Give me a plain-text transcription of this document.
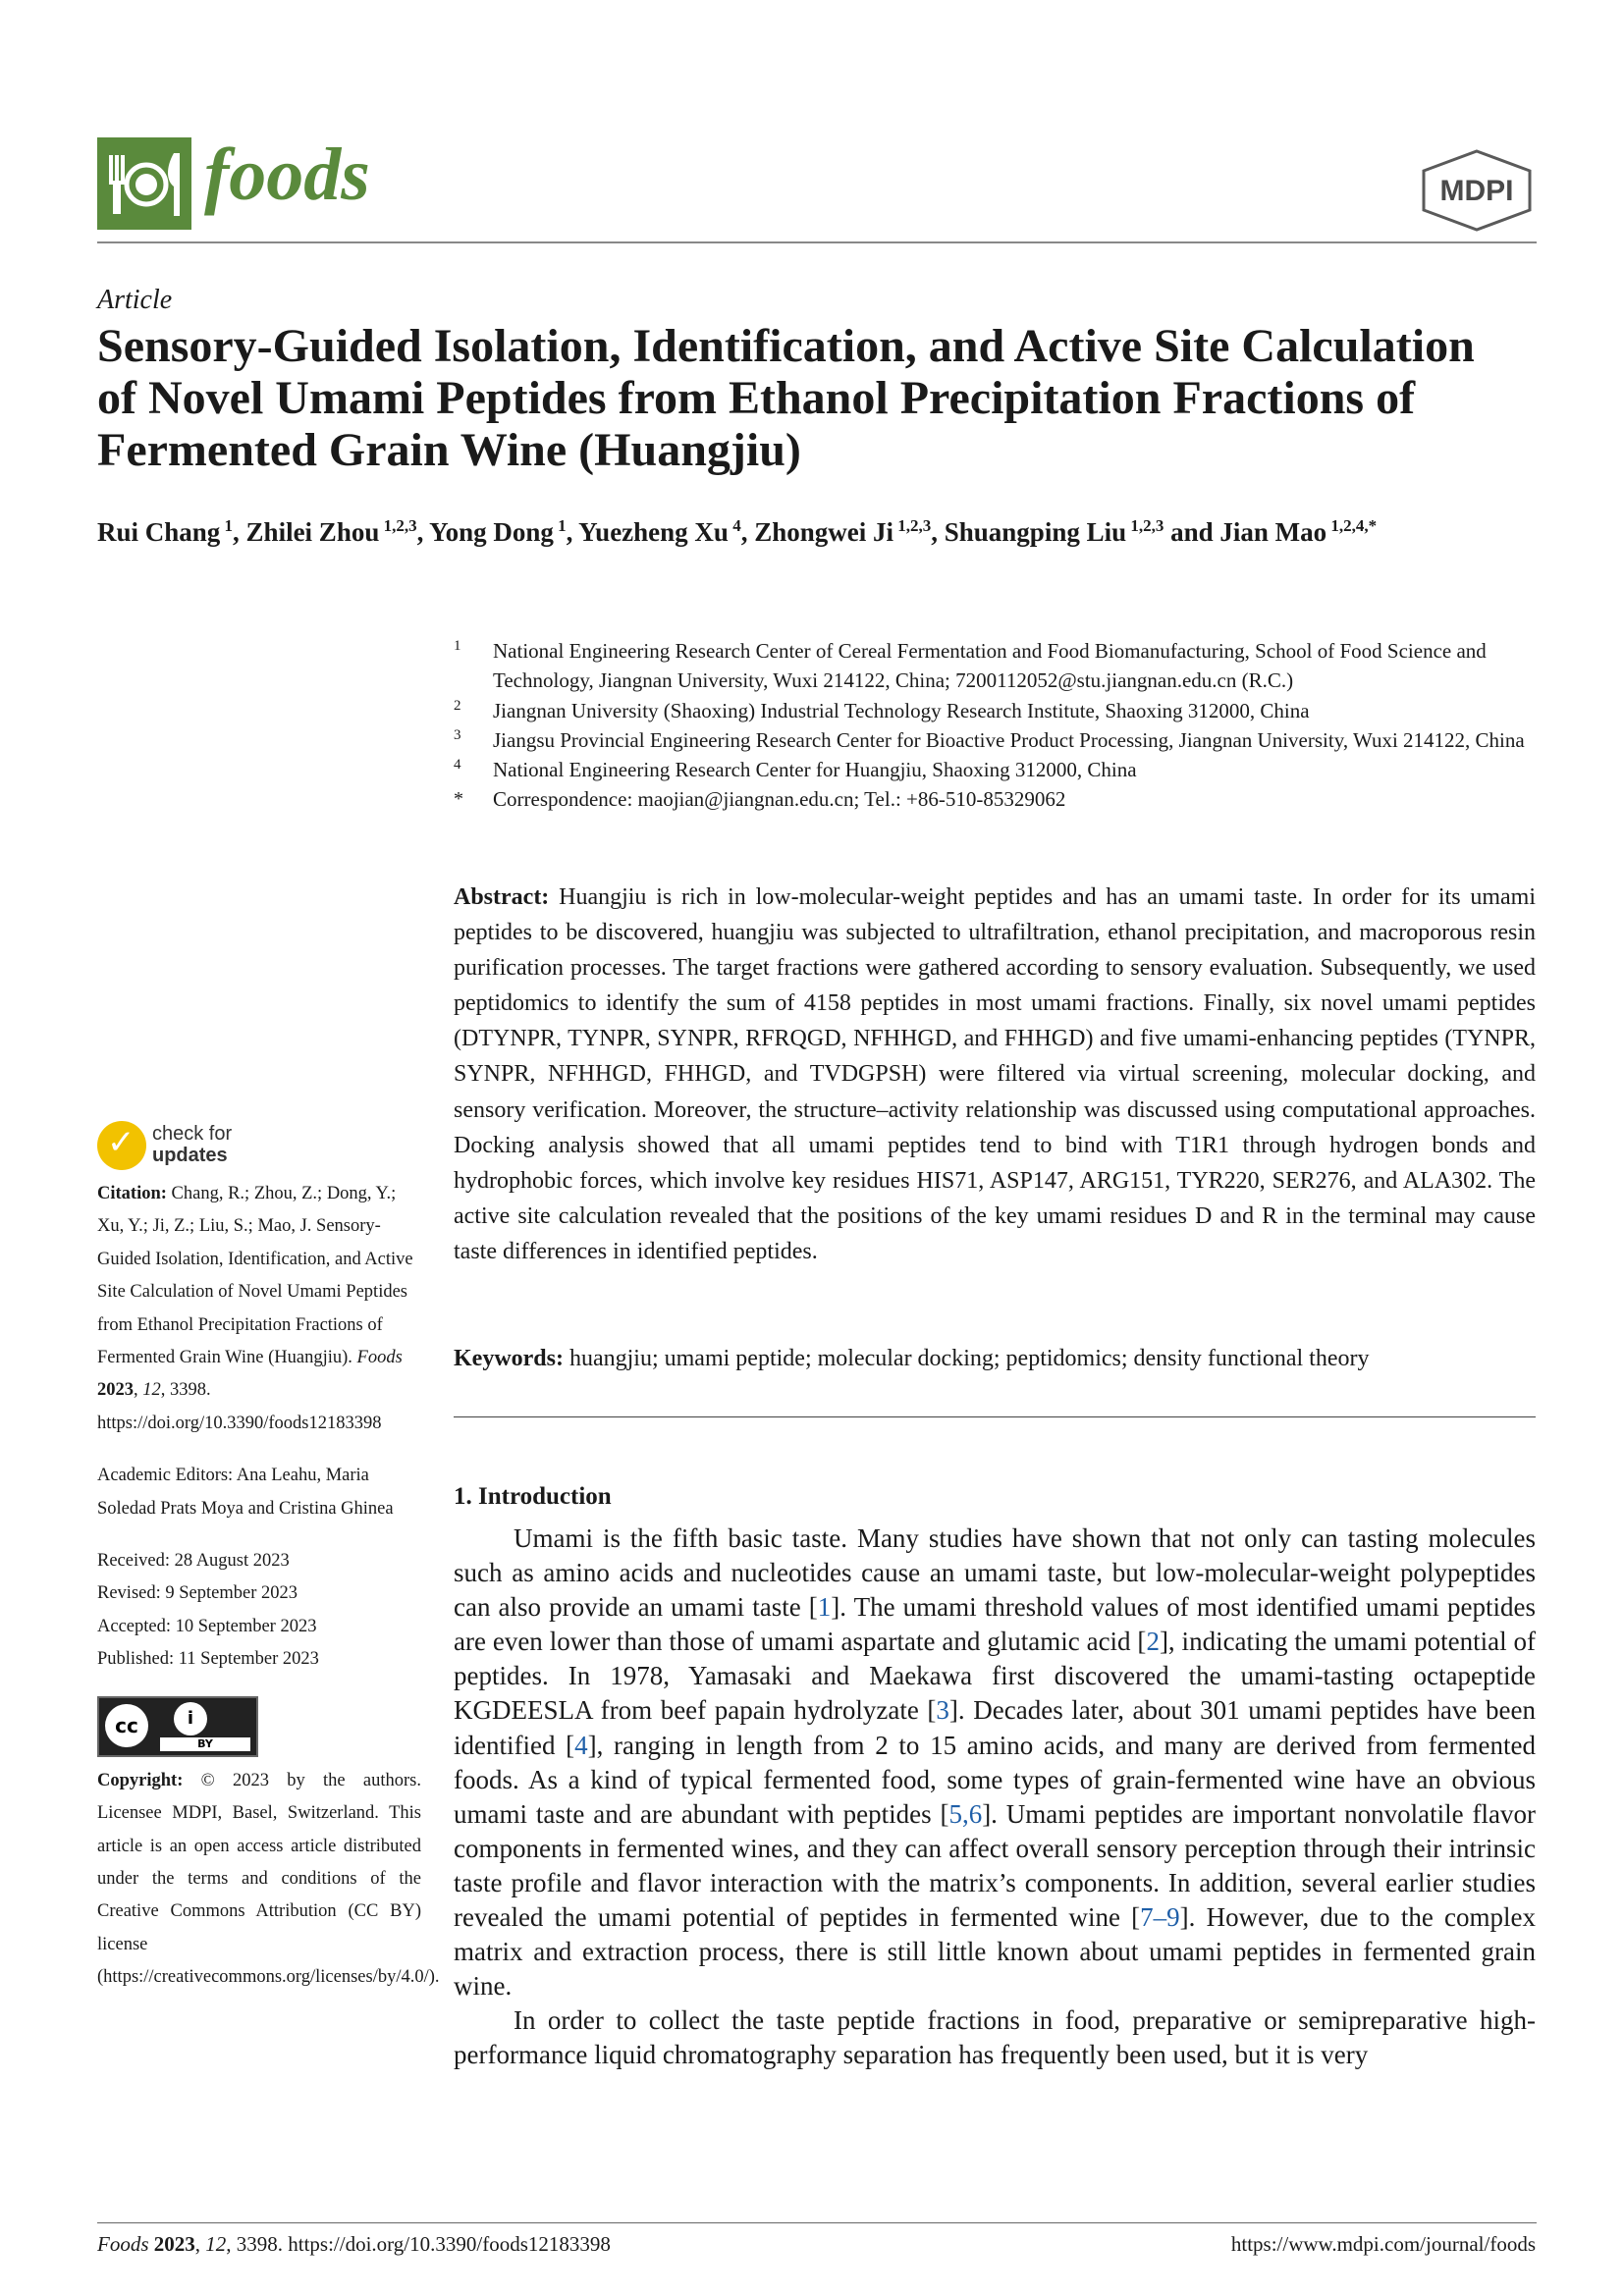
foods	MDPI
Article
Sensory-Guided Isolation, Identification, and Active Site Calculation of Novel Umami Peptides from Ethanol Precipitation Fractions of Fermented Grain Wine (Huangjiu)
Rui Chang $^1$, Zhilei Zhou $^{1,2,3}$, Yong Dong $^1$, Yuezheng Xu $^4$, Zhongwei Ji $^{1,2,3}$, Shuangping Liu $^{1,2,3}$ and Jian Mao $^{1,2,4,*}$
1 National Engineering Research Center of Cereal Fermentation and Food Biomanufacturing, School of Food Science and Technology, Jiangnan University, Wuxi 214122, China; 7200112052@stu.jiangnan.edu.cn (R.C.)
2 Jiangnan University (Shaoxing) Industrial Technology Research Institute, Shaoxing 312000, China
3 Jiangsu Provincial Engineering Research Center for Bioactive Product Processing, Jiangnan University, Wuxi 214122, China
4 National Engineering Research Center for Huangjiu, Shaoxing 312000, China
* Correspondence: maojian@jiangnan.edu.cn; Tel.: +86-510-85329062
Abstract: Huangjiu is rich in low-molecular-weight peptides and has an umami taste. In order for its umami peptides to be discovered, huangjiu was subjected to ultrafiltration, ethanol precipitation, and macroporous resin purification processes. The target fractions were gathered according to sensory evaluation. Subsequently, we used peptidomics to identify the sum of 4158 peptides in most umami fractions. Finally, six novel umami peptides (DTYNPR, TYNPR, SYNPR, RFRQGD, NFHHGD, and FHHGD) and five umami-enhancing peptides (TYNPR, SYNPR, NFHHGD, FHHGD, and TVDGPSH) were filtered via virtual screening, molecular docking, and sensory verification. Moreover, the structure–activity relationship was discussed using computational approaches. Docking analysis showed that all umami peptides tend to bind with T1R1 through hydrogen bonds and hydrophobic forces, which involve key residues HIS71, ASP147, ARG151, TYR220, SER276, and ALA302. The active site calculation revealed that the positions of the key umami residues D and R in the terminal may cause taste differences in identified peptides.
Keywords: huangjiu; umami peptide; molecular docking; peptidomics; density functional theory
1. Introduction

Umami is the fifth basic taste. Many studies have shown that not only can tasting molecules such as amino acids and nucleotides cause an umami taste, but low-molecular-weight polypeptides can also provide an umami taste [1]. The umami threshold values of most identified umami peptides are even lower than those of umami aspartate and glutamic acid [2], indicating the umami potential of peptides. In 1978, Yamasaki and Maekawa first discovered the umami-tasting octapeptide KGDEESLA from beef papain hydrolyzate [3]. Decades later, about 301 umami peptides have been identified [4], ranging in length from 2 to 15 amino acids, and many are derived from fermented foods. As a kind of typical fermented food, some types of grain-fermented wine have an obvious umami taste and are abundant with peptides [5,6]. Umami peptides are important nonvolatile flavor components in fermented wines, and they can affect overall sensory perception through their intrinsic taste profile and flavor interaction with the matrix’s components. In addition, several earlier studies revealed the umami potential of peptides in fermented wine [7–9]. However, due to the complex matrix and extraction process, there is still little known about umami peptides in fermented grain wine.

In order to collect the taste peptide fractions in food, preparative or semipreparative high-performance liquid chromatography separation has frequently been used, but it is very

✓ check for
updates
Citation: Chang, R.; Zhou, Z.; Dong, Y.; Xu, Y.; Ji, Z.; Liu, S.; Mao, J. Sensory-Guided Isolation, Identification, and Active Site Calculation of Novel Umami Peptides from Ethanol Precipitation Fractions of Fermented Grain Wine (Huangjiu). Foods 2023, 12, 3398. https://doi.org/10.3390/foods12183398
Academic Editors: Ana Leahu, Maria Soledad Prats Moya and Cristina Ghinea
Received: 28 August 2023
Revised: 9 September 2023
Accepted: 10 September 2023
Published: 11 September 2023
cc	i
BY
Copyright: © 2023 by the authors. Licensee MDPI, Basel, Switzerland. This article is an open access article distributed under the terms and conditions of the Creative Commons Attribution (CC BY) license (https://creativecommons.org/licenses/by/4.0/).
Foods 2023, 12, 3398. https://doi.org/10.3390/foods12183398	https://www.mdpi.com/journal/foods
